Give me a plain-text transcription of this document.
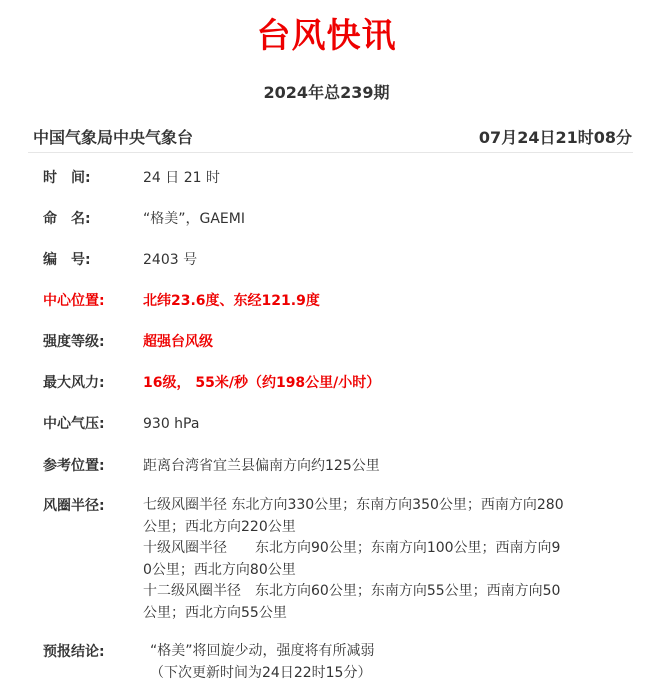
台风快讯
2024年总239期
中国气象局中央气象台	07月24日21时08分
时　间:	24 日 21 时
命　名:	“格美”，GAEMI
编　号:	2403 号
中心位置:	北纬23.6度、东经121.9度
强度等级:	超强台风级
最大风力:	16级， 55米/秒（约198公里/小时）
中心气压:	930 hPa
参考位置:	距离台湾省宜兰县偏南方向约125公里
风圈半径:	七级风圈半径 东北方向330公里；东南方向350公里；西南方向280
公里；西北方向220公里
十级风圈半径　　东北方向90公里；东南方向100公里；西南方向9
0公里；西北方向80公里
十二级风圈半径　东北方向60公里；东南方向55公里；西南方向50
公里；西北方向55公里
预报结论:	“格美”将回旋少动，强度将有所减弱
（下次更新时间为24日22时15分）
